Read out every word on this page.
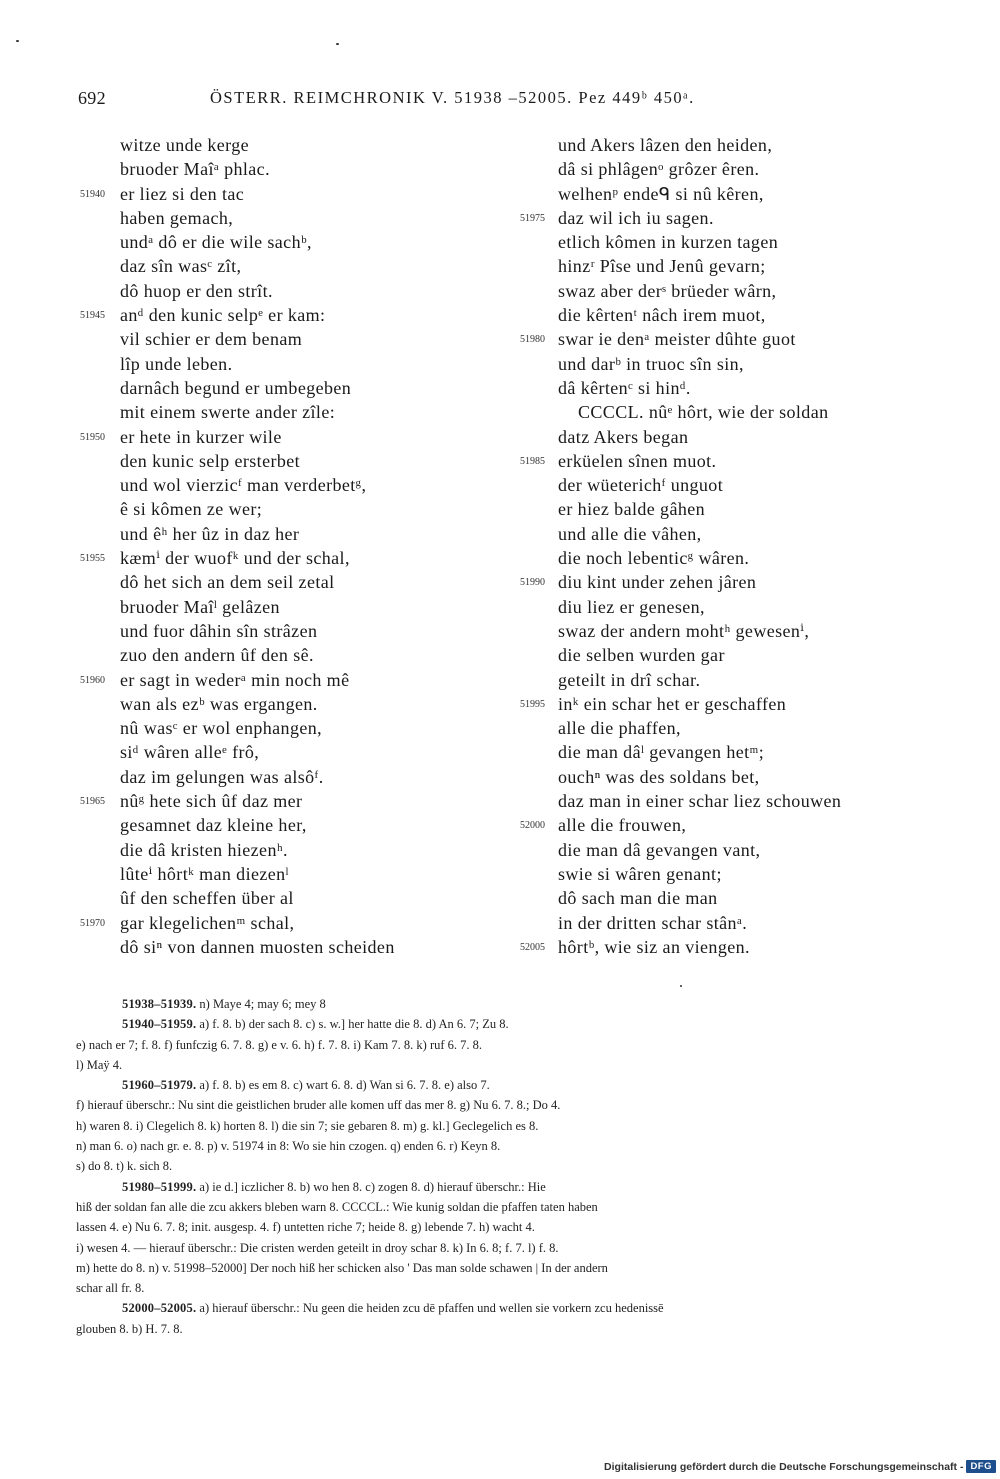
692	ÖSTERR. REIMCHRONIK V. 51938 –52005. Pez 449ᵇ 450ᵃ.
witze unde kerge
bruoder Maîᵃ phlac.
51940 er liez si den tac
haben gemach,
undᵃ dô er die wile sachᵇ,
daz sîn wasᶜ zît,
dô huop er den strît.
51945 anᵈ den kunic selpᵉ er kam:
vil schier er dem benam
lîp unde leben.
darnâch begund er umbegeben
mit einem swerte ander zîle:
51950 er hete in kurzer wile
den kunic selp ersterbet
und wol vierzicᶠ man verderbetᵍ,
ê si kômen ze wer;
und êʰ her ûz in daz her
51955 kæmⁱ der wuofᵏ und der schal,
dô het sich an dem seil zetal
bruoder Maîˡ gelâzen
und fuor dâhin sîn strâzen
zuo den andern ûf den sê.
51960 er sagt in wederᵃ min noch mê
wan als ezᵇ was ergangen.
nû wasᶜ er wol enphangen,
siᵈ wâren alleᵉ frô,
daz im gelungen was alsôᶠ.
51965 nûᵍ hete sich ûf daz mer
gesamnet daz kleine her,
die dâ kristen hiezenʰ.
lûteⁱ hôrtᵏ man diezenˡ
ûf den scheffen über al
51970 gar klegelichenᵐ schal,
dô siⁿ von dannen muosten scheiden
und Akers lâzen den heiden,
dâ si phlâgenᵒ grôzer êren.
welhenᵖ endeᑫ si nû kêren,
51975 daz wil ich iu sagen.
etlich kômen in kurzen tagen
hinzʳ Pîse und Jenû gevarn;
swaz aber derˢ brüeder wârn,
die kêrtenᵗ nâch irem muot,
51980 swar ie denᵃ meister dûhte guot
und darᵇ in truoc sîn sin,
dâ kêrtenᶜ si hinᵈ.
CCCCL. nûᵉ hôrt, wie der soldan
datz Akers began
51985 erküelen sînen muot.
der wüeterichᶠ unguot
er hiez balde gâhen
und alle die vâhen,
die noch lebenticᵍ wâren.
51990 diu kint under zehen jâren
diu liez er genesen,
swaz der andern mohtʰ gewesenⁱ,
die selben wurden gar
geteilt in drî schar.
51995 inᵏ ein schar het er geschaffen
alle die phaffen,
die man dâˡ gevangen hetᵐ;
ouchⁿ was des soldans bet,
daz man in einer schar liez schouwen
52000 alle die frouwen,
die man dâ gevangen vant,
swie si wâren genant;
dô sach man die man
in der dritten schar stânᵃ.
52005 hôrtᵇ, wie siz an viengen.
51938–51939. n) Maye 4; may 6; mey 8
51940–51959. a) f. 8. b) der sach 8. c) s. w.] her hatte die 8. d) An 6. 7; Zu 8.
e) nach er 7; f. 8. f) funfczig 6. 7. 8. g) e v. 6. h) f. 7. 8. i) Kam 7. 8. k) ruf 6. 7. 8.
l) Maÿ 4.
51960–51979. a) f. 8. b) es em 8. c) wart 6. 8. d) Wan si 6. 7. 8. e) also 7.
f) hierauf überschr.: Nu sint die geistlichen bruder alle komen uff das mer 8. g) Nu 6. 7. 8.; Do 4.
h) waren 8. i) Clegelich 8. k) horten 8. l) die sin 7; sie gebaren 8. m) g. kl.] Geclegelich es 8.
n) man 6. o) nach gr. e. 8. p) v. 51974 in 8: Wo sie hin czogen. q) enden 6. r) Keyn 8.
s) do 8. t) k. sich 8.
51980–51999. a) ie d.] iczlicher 8. b) wo hen 8. c) zogen 8. d) hierauf überschr.: Hie
hiß der soldan fan alle die zcu akkers bleben warn 8. CCCCL.: Wie kunig soldan die pfaffen taten haben
lassen 4. e) Nu 6. 7. 8; init. ausgesp. 4. f) untetten riche 7; heide 8. g) lebende 7. h) wacht 4.
i) wesen 4. — hierauf überschr.: Die cristen werden geteilt in droy schar 8. k) In 6. 8; f. 7. l) f. 8.
m) hette do 8. n) v. 51998–52000] Der noch hiß her schicken also ' Das man solde schawen | In der andern
schar all fr. 8.
52000–52005. a) hierauf überschr.: Nu geen die heiden zcu dē pfaffen und wellen sie vorkern zcu hedenissē
glouben 8. b) H. 7. 8.
Digitalisierung gefördert durch die Deutsche Forschungsgemeinschaft - DFG
